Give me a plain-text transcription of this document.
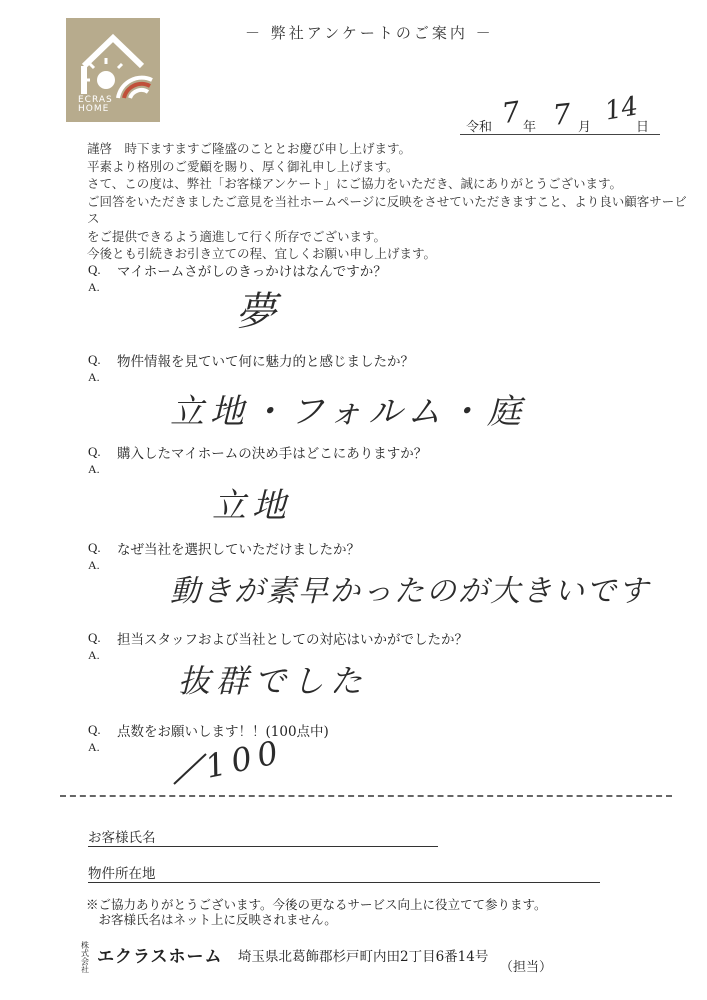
－ 弊社アンケートのご案内 －
ECRAS
HOME
令和 7 年 7 月
14
日

謹啓　時下ますますご隆盛のこととお慶び申し上げます。

平素より格別のご愛顧を賜り、厚く御礼申し上げます。

さて、この度は、弊社「お客様アンケート」にご協力をいただき、誠にありがとうございます。

ご回答をいただきましたご意見を当社ホームページに反映をさせていただきますこと、より良い顧客サービス

をご提供できるよう適進して行く所存でございます。

今後とも引続きお引き立ての程、宜しくお願い申し上げます。

Q. マイホームさがしのきっかけはなんですか？
A.
夢
Q. 物件情報を見ていて何に魅力的と感じましたか？
A.
立地・フォルム・庭
Q. 購入したマイホームの決め手はどこにありますか？
A.
立地
Q. なぜ当社を選択していただけましたか？
A.
動きが素早かったのが大きいです
Q. 担当スタッフおよび当社としての対応はいかがでしたか？
A.
抜群でした
Q. 点数をお願いします！！(100点中)
A.	100
お客様氏名
物件所在地

※ご協力ありがとうございます。今後の更なるサービス向上に役立てて参ります。

　お客様氏名はネット上に反映されません。

株式会社
エクラスホーム 埼玉県北葛飾郡杉戸町内田2丁目6番14号
（担当）
